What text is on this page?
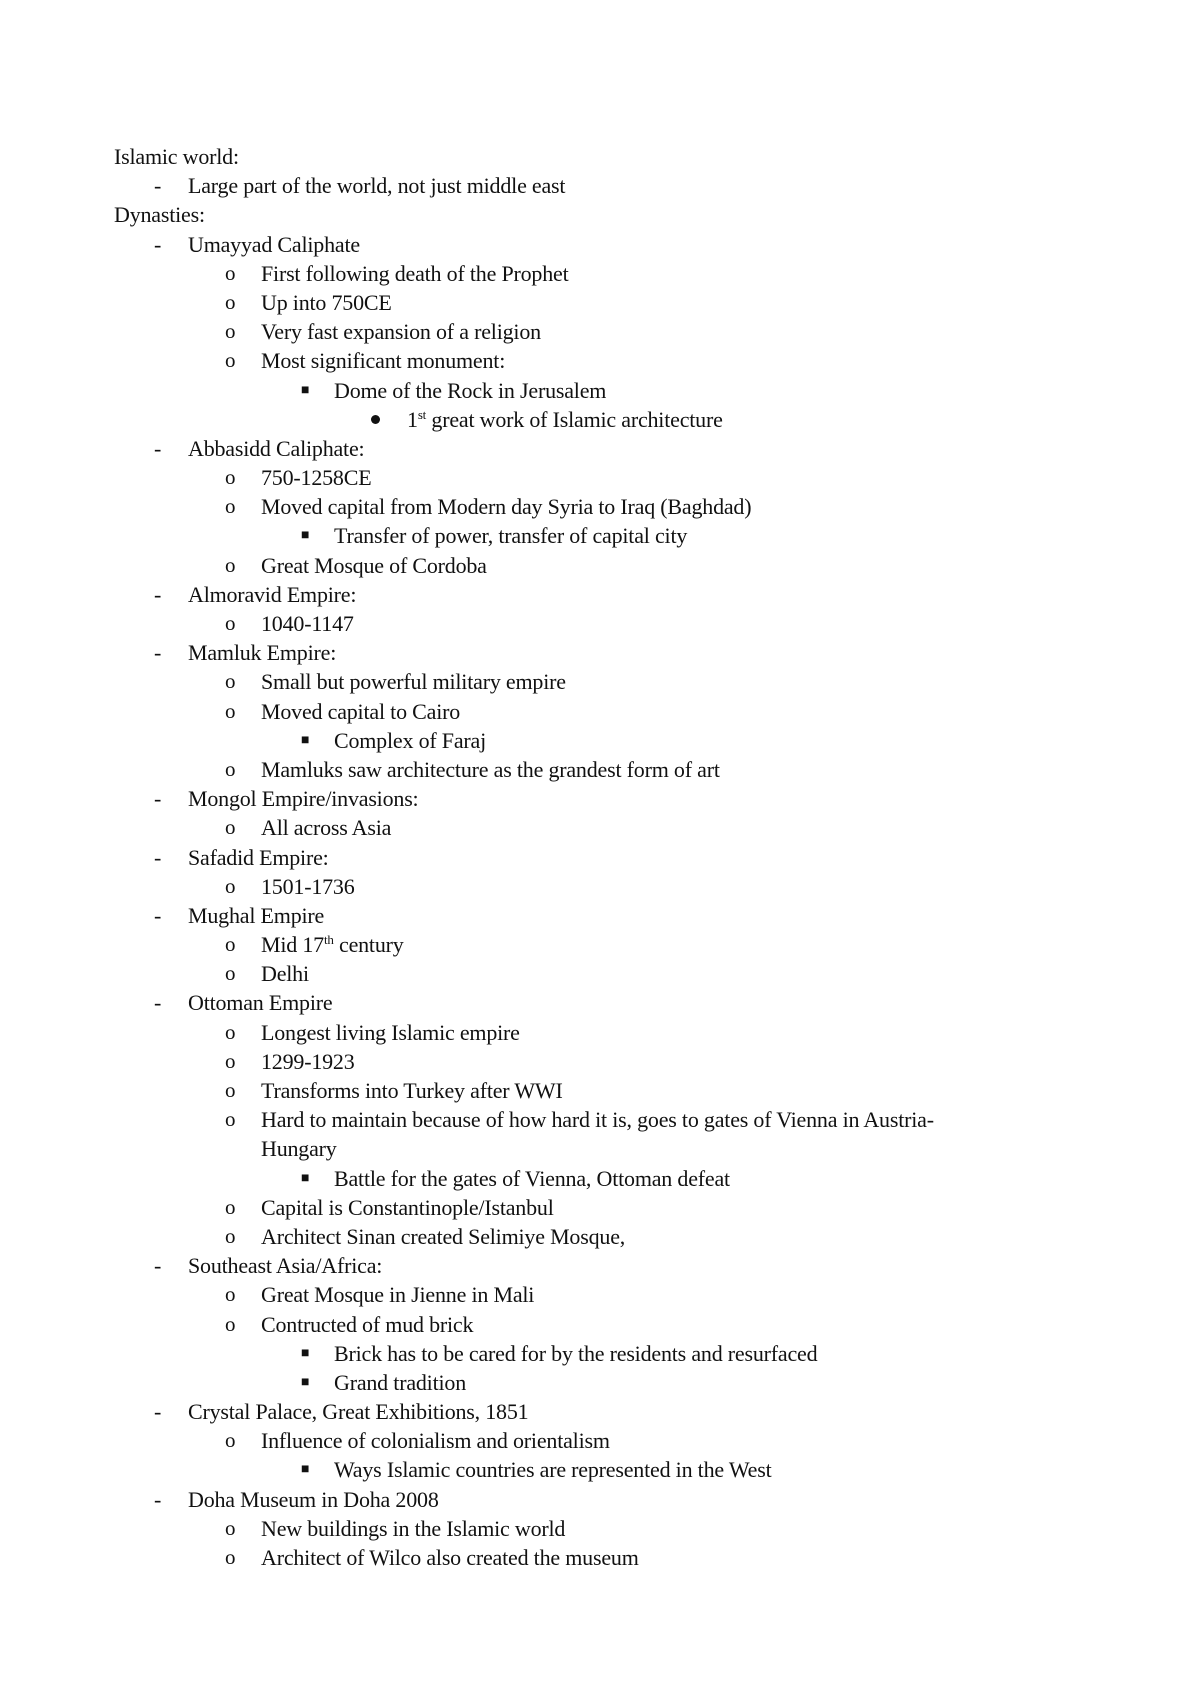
Islamic world:
- Large part of the world, not just middle east
Dynasties:
- Umayyad Caliphate
o First following death of the Prophet
o Up into 750CE
o Very fast expansion of a religion
o Most significant monument:
■ Dome of the Rock in Jerusalem
1st great work of Islamic architecture
- Abbasidd Caliphate:
o 750-1258CE
o Moved capital from Modern day Syria to Iraq (Baghdad)
■ Transfer of power, transfer of capital city
o Great Mosque of Cordoba
- Almoravid Empire:
o 1040-1147
- Mamluk Empire:
o Small but powerful military empire
o Moved capital to Cairo
■ Complex of Faraj
o Mamluks saw architecture as the grandest form of art
- Mongol Empire/invasions:
o All across Asia
- Safadid Empire:
o 1501-1736
- Mughal Empire
o Mid 17th century
o Delhi
- Ottoman Empire
o Longest living Islamic empire
o 1299-1923
o Transforms into Turkey after WWI
o Hard to maintain because of how hard it is, goes to gates of Vienna in Austria-
Hungary
■ Battle for the gates of Vienna, Ottoman defeat
o Capital is Constantinople/Istanbul
o Architect Sinan created Selimiye Mosque,
- Southeast Asia/Africa:
o Great Mosque in Jienne in Mali
o Contructed of mud brick
■ Brick has to be cared for by the residents and resurfaced
■ Grand tradition
- Crystal Palace, Great Exhibitions, 1851
o Influence of colonialism and orientalism
■ Ways Islamic countries are represented in the West
- Doha Museum in Doha 2008
o New buildings in the Islamic world
o Architect of Wilco also created the museum
